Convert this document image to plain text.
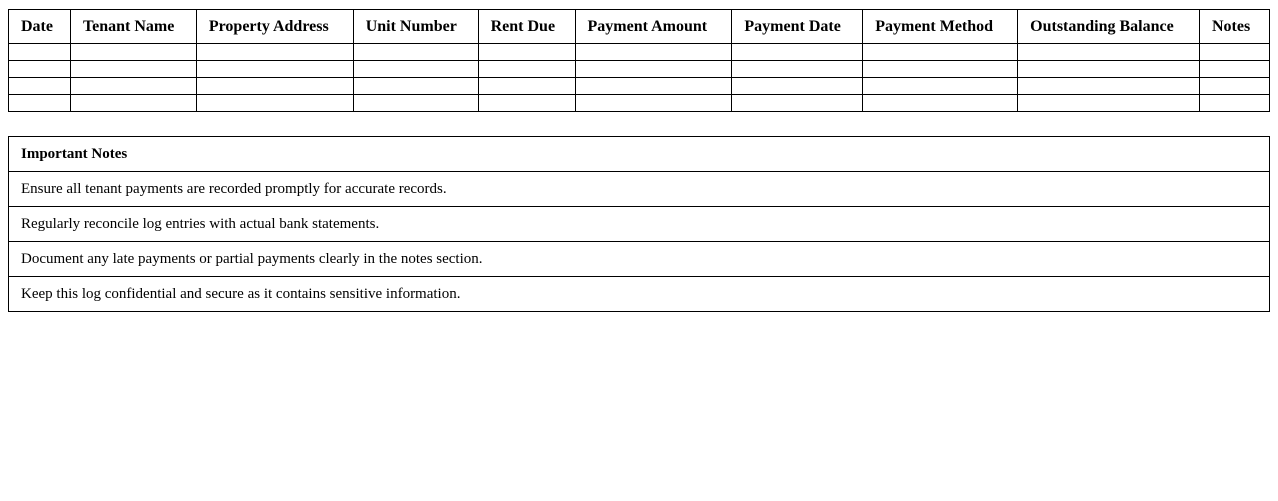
Date	Tenant Name	Property Address	Unit Number	Rent Due	Payment Amount	Payment Date	Payment Method	Outstanding Balance	Notes

Important Notes
Ensure all tenant payments are recorded promptly for accurate records.
Regularly reconcile log entries with actual bank statements.
Document any late payments or partial payments clearly in the notes section.
Keep this log confidential and secure as it contains sensitive information.
